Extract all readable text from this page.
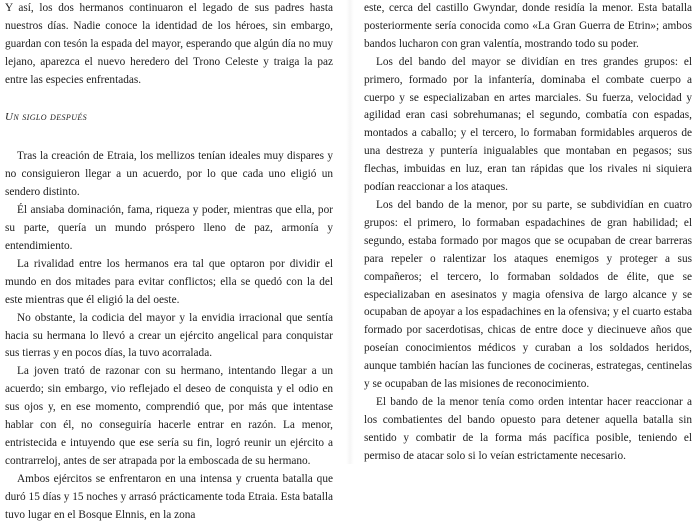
Y así, los dos hermanos continuaron el legado de sus padres hasta nuestros días. Nadie conoce la identidad de los héroes, sin embargo, guardan con tesón la espada del mayor, esperando que algún día no muy lejano, aparezca el nuevo heredero del Trono Celeste y traiga la paz entre las especies enfrentadas.

Un siglo después

Tras la creación de Etraia, los mellizos tenían ideales muy dispares y no consiguieron llegar a un acuerdo, por lo que cada uno eligió un sendero distinto.

Él ansiaba dominación, fama, riqueza y poder, mientras que ella, por su parte, quería un mundo próspero lleno de paz, armonía y entendimiento.

La rivalidad entre los hermanos era tal que optaron por dividir el mundo en dos mitades para evitar conflictos; ella se quedó con la del este mientras que él eligió la del oeste.

No obstante, la codicia del mayor y la envidia irracional que sentía hacia su hermana lo llevó a crear un ejército angelical para conquistar sus tierras y en pocos días, la tuvo acorralada.

La joven trató de razonar con su hermano, intentando llegar a un acuerdo; sin embargo, vio reflejado el deseo de conquista y el odio en sus ojos y, en ese momento, comprendió que, por más que intentase hablar con él, no conseguiría hacerle entrar en razón. La menor, entristecida e intuyendo que ese sería su fin, logró reunir un ejército a contrarreloj, antes de ser atrapada por la emboscada de su hermano.

Ambos ejércitos se enfrentaron en una intensa y cruenta batalla que duró 15 días y 15 noches y arrasó prácticamente toda Etraia. Esta batalla tuvo lugar en el Bosque Elnnis, en la zona

este, cerca del castillo Gwyndar, donde residía la menor. Esta batalla posteriormente sería conocida como «La Gran Guerra de Etrin»; ambos bandos lucharon con gran valentía, mostrando todo su poder.

Los del bando del mayor se dividían en tres grandes grupos: el primero, formado por la infantería, dominaba el combate cuerpo a cuerpo y se especializaban en artes marciales. Su fuerza, velocidad y agilidad eran casi sobrehumanas; el segundo, combatía con espadas, montados a caballo; y el tercero, lo formaban formidables arqueros de una destreza y puntería inigualables que montaban en pegasos; sus flechas, imbuidas en luz, eran tan rápidas que los rivales ni siquiera podían reaccionar a los ataques.

Los del bando de la menor, por su parte, se subdividían en cuatro grupos: el primero, lo formaban espadachines de gran habilidad; el segundo, estaba formado por magos que se ocupaban de crear barreras para repeler o ralentizar los ataques enemigos y proteger a sus compañeros; el tercero, lo formaban soldados de élite, que se especializaban en asesinatos y magia ofensiva de largo alcance y se ocupaban de apoyar a los espadachines en la ofensiva; y el cuarto estaba formado por sacerdotisas, chicas de entre doce y diecinueve años que poseían conocimientos médicos y curaban a los soldados heridos, aunque también hacían las funciones de cocineras, estrategas, centinelas y se ocupaban de las misiones de reconocimiento.

El bando de la menor tenía como orden intentar hacer reaccionar a los combatientes del bando opuesto para detener aquella batalla sin sentido y combatir de la forma más pacífica posible, teniendo el permiso de atacar solo si lo veían estrictamente necesario.
